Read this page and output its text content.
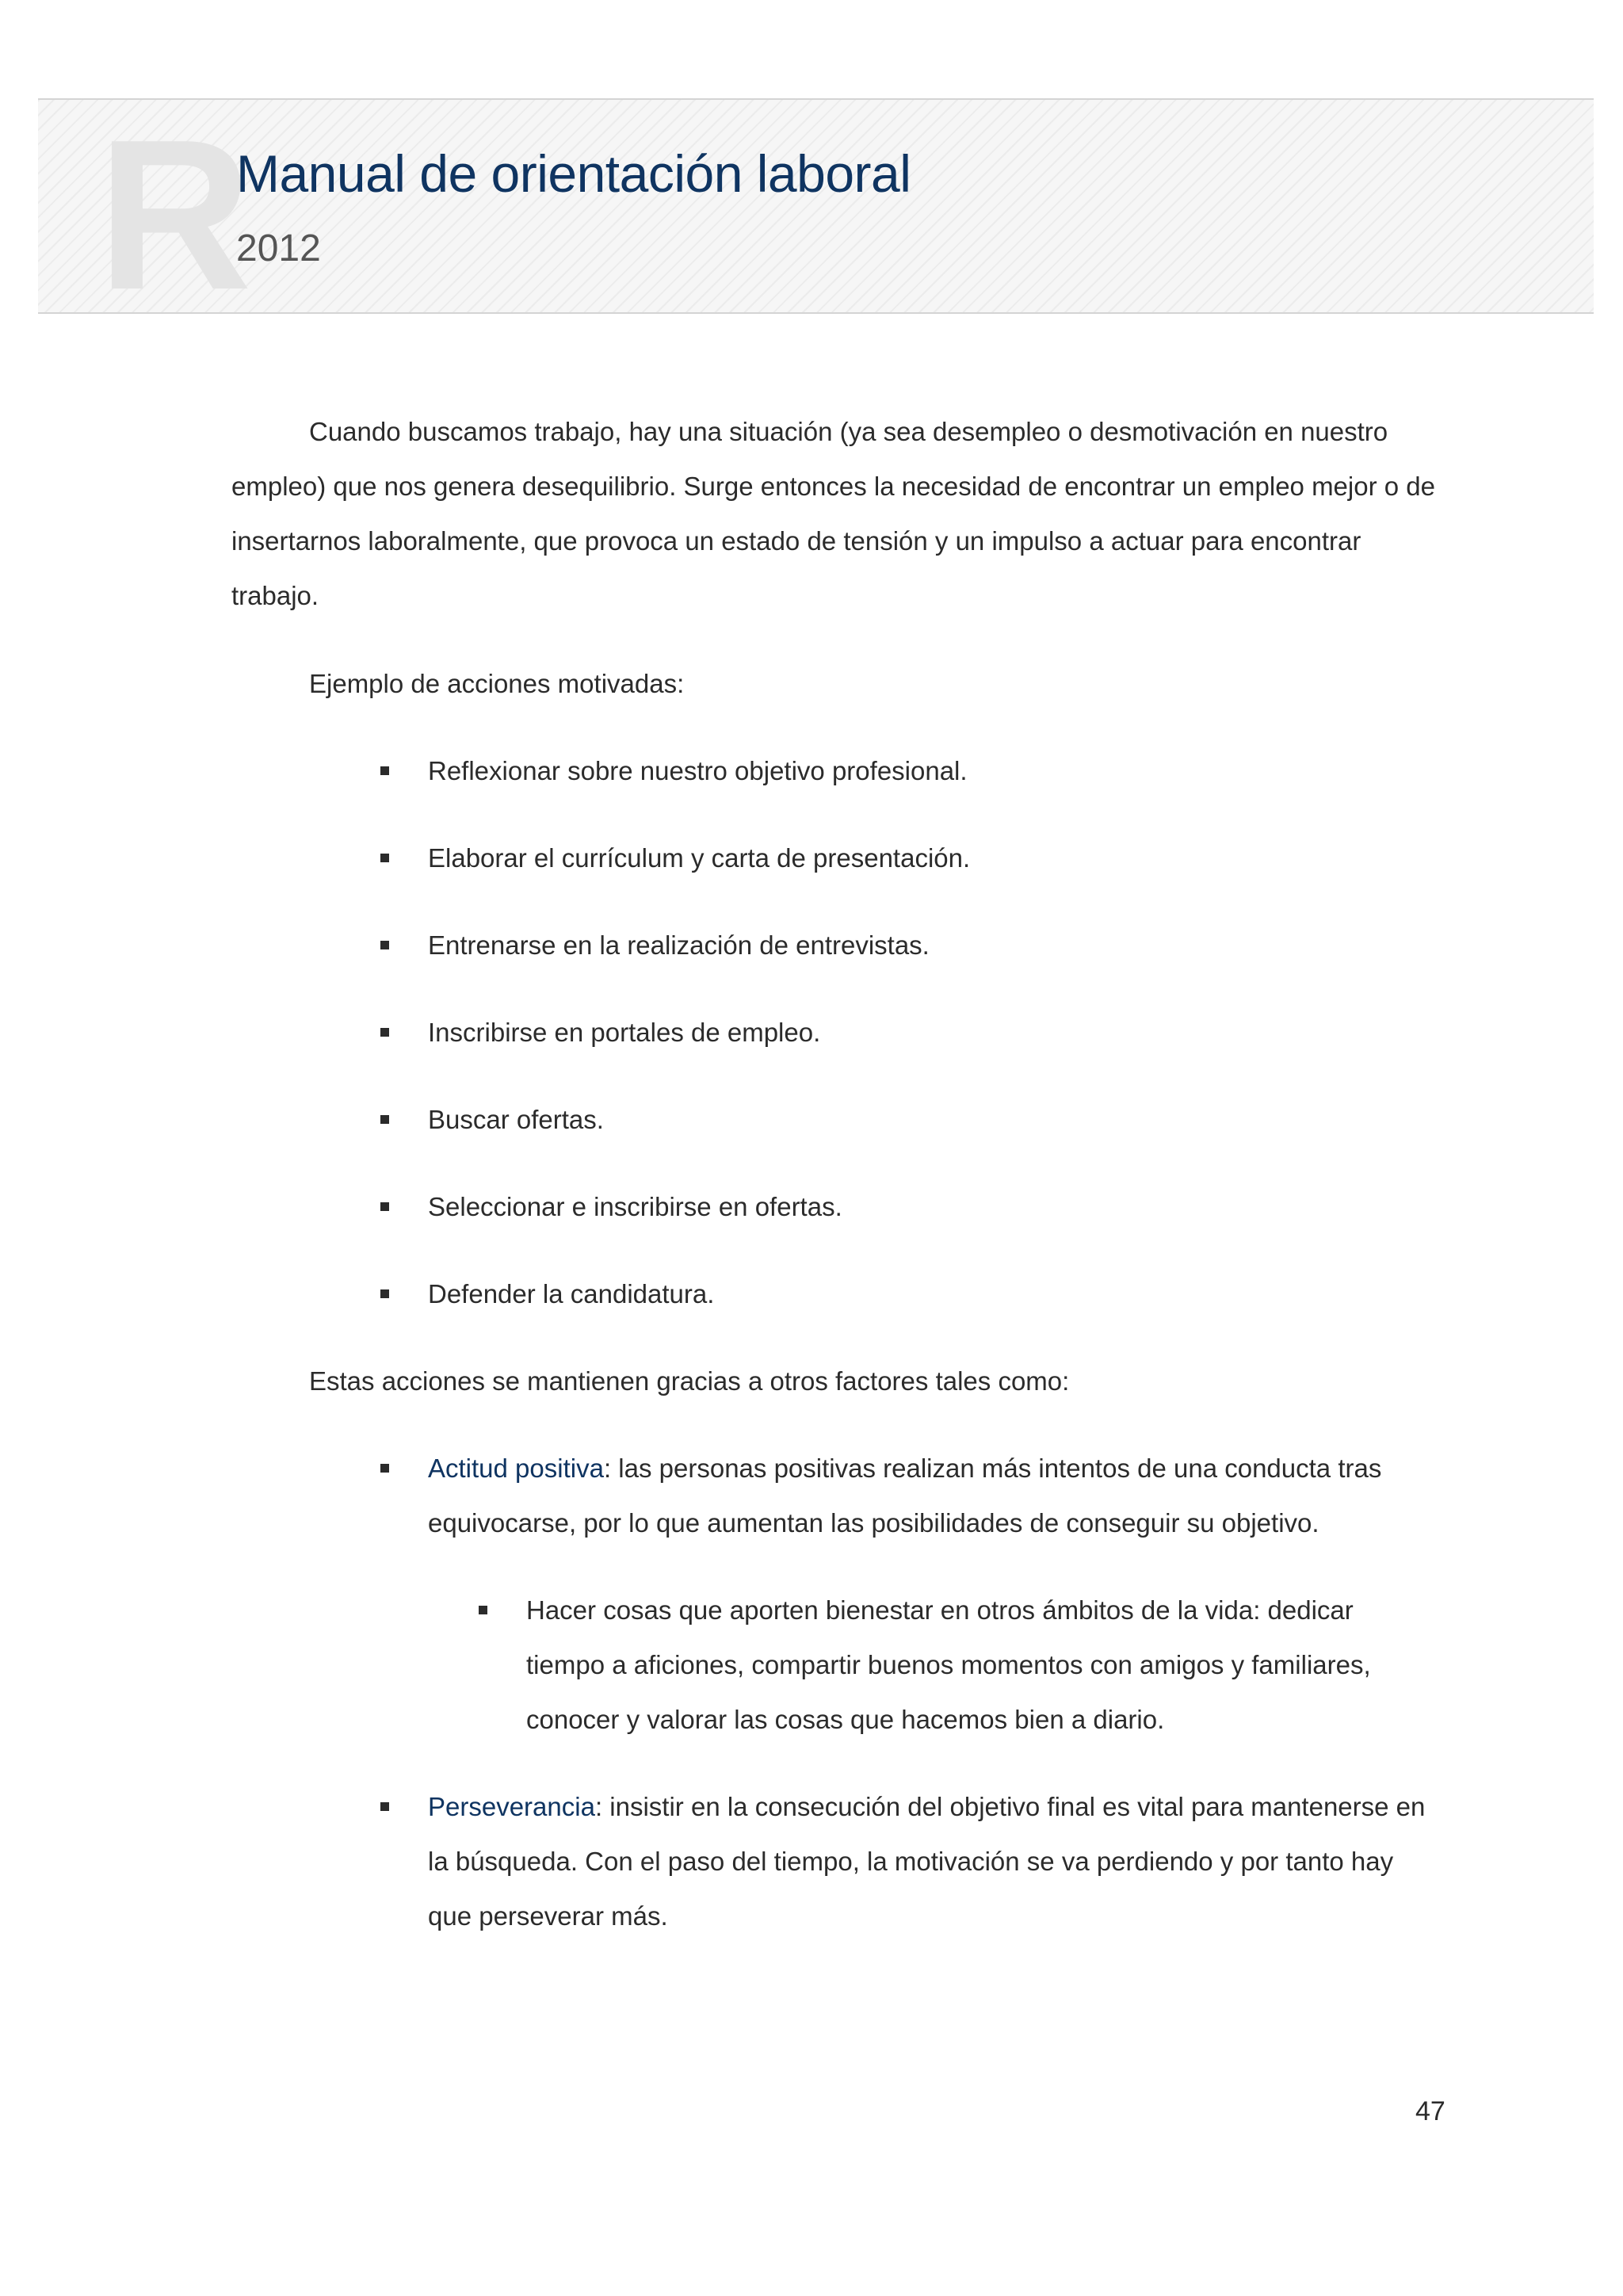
R
Manual de orientación laboral
2012

Cuando buscamos trabajo, hay una situación (ya sea desempleo o desmotivación en nuestro empleo) que nos genera desequilibrio. Surge entonces la necesidad de encontrar un empleo mejor o de insertarnos laboralmente, que provoca un estado de tensión y un impulso a actuar para encontrar trabajo.

Ejemplo de acciones motivadas:

Reflexionar sobre nuestro objetivo profesional.
Elaborar el currículum y carta de presentación.
Entrenarse en la realización de entrevistas.
Inscribirse en portales de empleo.
Buscar ofertas.
Seleccionar e inscribirse en ofertas.
Defender la candidatura.

Estas acciones se mantienen gracias a otros factores tales como:

Actitud positiva: las personas positivas realizan más intentos de una conducta tras equivocarse, por lo que aumentan las posibilidades de conseguir su objetivo.
Hacer cosas que aporten bienestar en otros ámbitos de la vida: dedicar tiempo a aficiones, compartir buenos momentos con amigos y familiares, conocer y valorar las cosas que hacemos bien a diario.
Perseverancia: insistir en la consecución del objetivo final es vital para mantenerse en la búsqueda. Con el paso del tiempo, la motivación se va perdiendo y por tanto hay que perseverar más.
47
